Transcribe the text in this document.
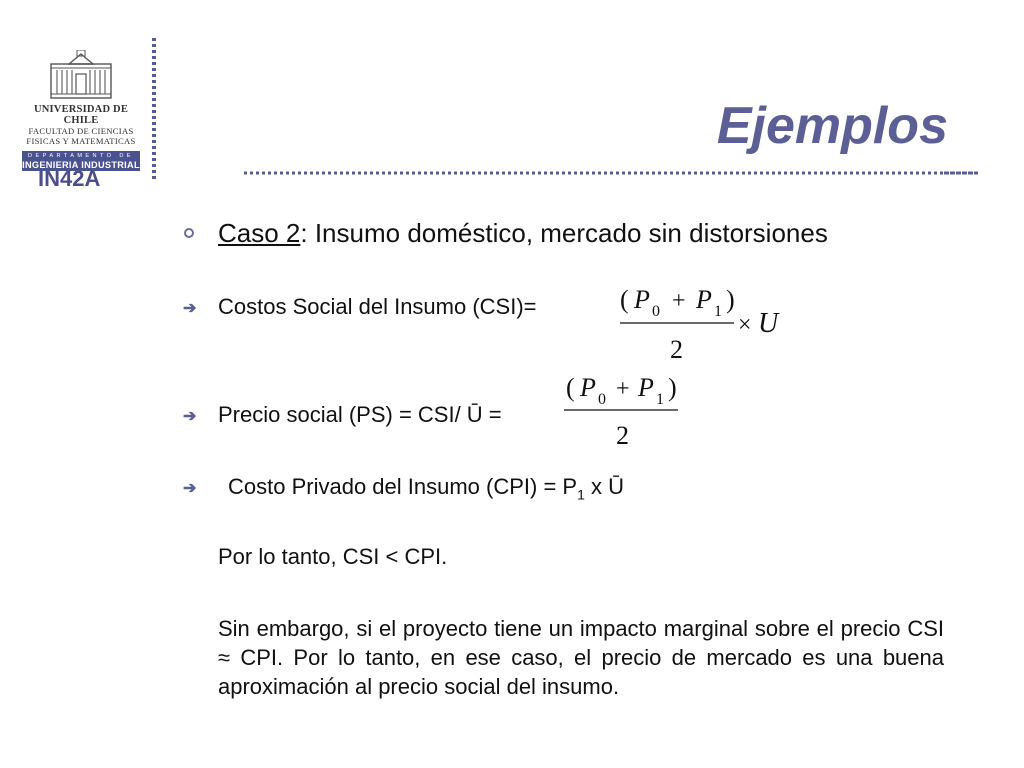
UNIVERSIDAD DE CHILE
FACULTAD DE CIENCIAS
FISICAS Y MATEMATICAS
DEPARTAMENTO DE
INGENIERIA INDUSTRIAL
IN42A
Ejemplos
Caso 2: Insumo doméstico, mercado sin distorsiones
➔ Costos Social del Insumo (CSI)=	( P 0 + P 1 )
2
× U
➔ Precio social (PS) = CSI/ Ū =
( P 0 + P 1 )
2
➔ Costo Privado del Insumo $(CPI) = P_1$ x Ū
Por lo tanto, CSI < CPI.
Sin embargo, si el proyecto tiene un impacto marginal sobre el precio CSI ≈ CPI. Por lo tanto, en ese caso, el precio de mercado es una buena aproximación al precio social del insumo.
